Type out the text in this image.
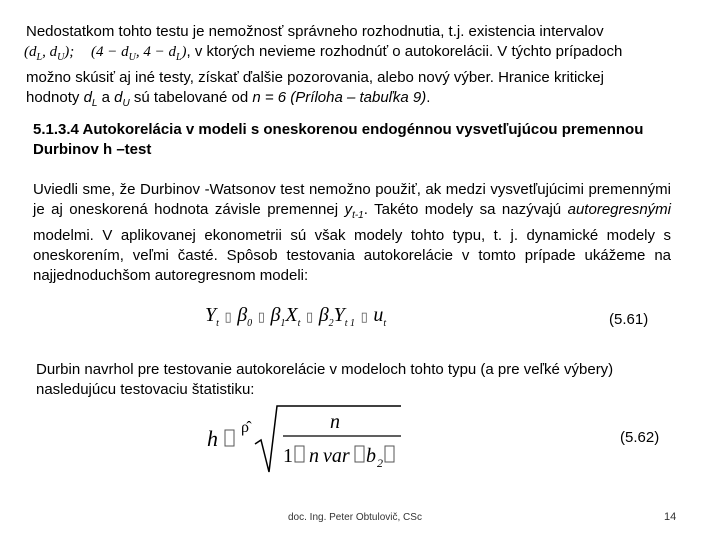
Nedostatkom tohto testu je nemožnosť správneho rozhodnutia, t.j. existencia intervalov
($d_L$, $d_U$); ($4 - d_U$, $4 - d_L$), v ktorých nevieme rozhodnúť o autokorelácii. V týchto prípadoch
možno skúsiť aj iné testy, získať ďalšie pozorovania, alebo nový výber. Hranice kritickej
hodnoty $d_L$ a $d_U$ sú tabelované od n = 6 (Príloha – tabuľka 9).
5.1.3.4 Autokorelácia v modeli s oneskorenou endogénnou vysvetľujúcou premennou Durbinov h –test
Uviedli sme, že Durbinov -Watsonov test nemožno použiť, ak medzi vysvetľujúcimi premennými je aj oneskorená hodnota závisle premennej $y_{t-1}$. Takéto modely sa nazývajú autoregresnými modelmi. V aplikovanej ekonometrii sú však modely tohto typu, t. j. dynamické modely s oneskorením, veľmi časté. Spôsob testovania autokorelácie v tomto prípade ukážeme na najjednoduchšom autoregresnom modeli:
$Y_t$ ▯ $\beta_0$ ▯ $\beta_1X_t$ ▯ $\beta_2Y_{t 1}$ ▯ $u_t$	(5.61)
Durbin navrhol pre testovanie autokorelácie v modeloch tohto typu (a pre veľké výbery) nasledujúcu testovaciu štatistiku:
h ρ̂	n
1 n var b 2
(5.62)
doc. Ing. Peter Obtulovič, CSc	14
